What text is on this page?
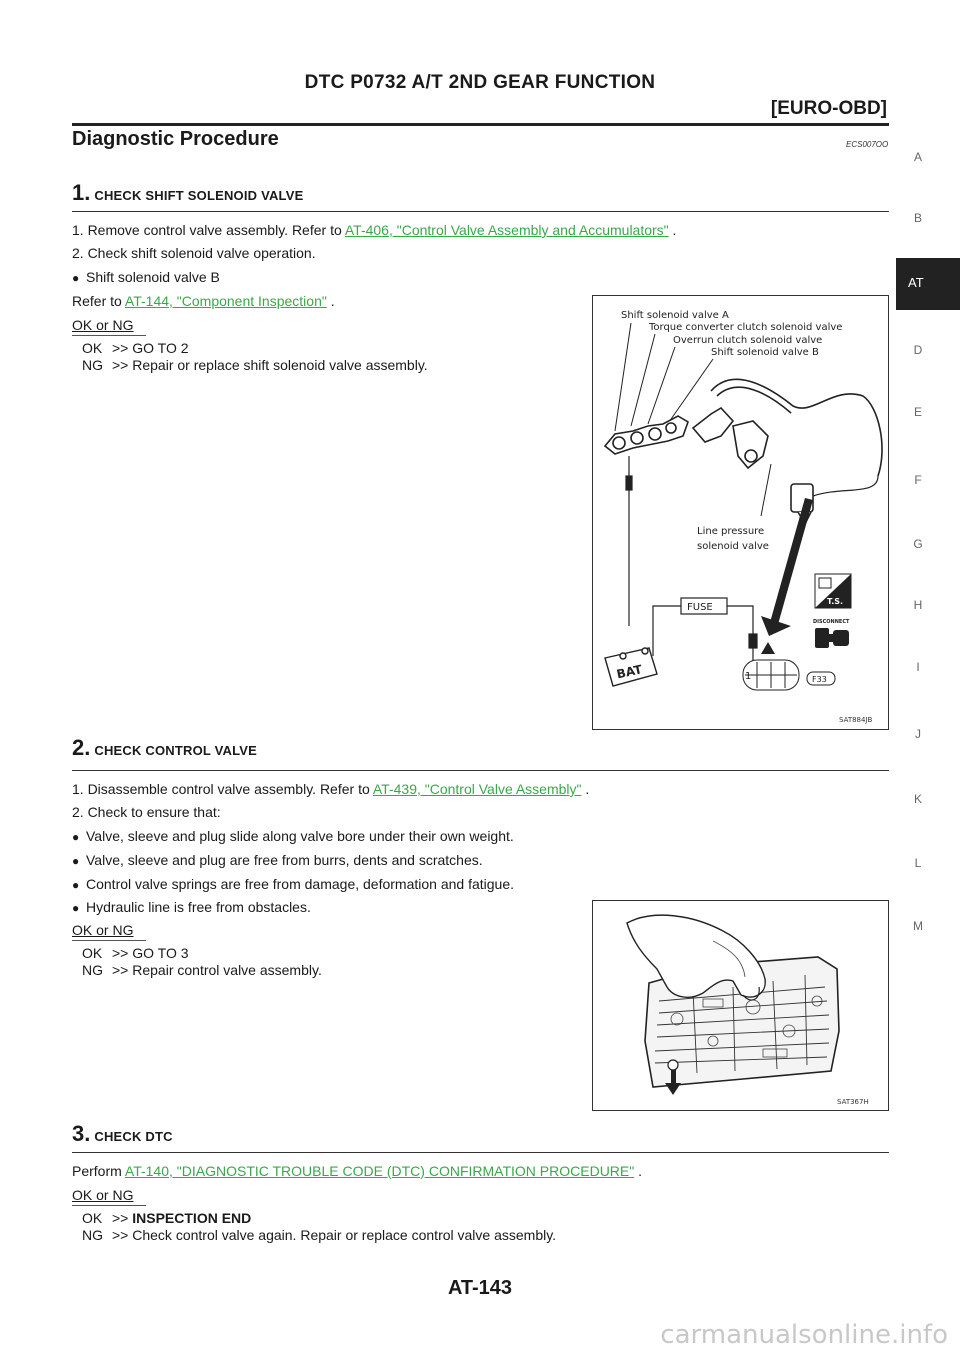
DTC P0732 A/T 2ND GEAR FUNCTION
[EURO-OBD]
Diagnostic Procedure	ECS007OO
A
B
AT
D
E
F
G
H
I
J
K
L
M
1. CHECK SHIFT SOLENOID VALVE
1. Remove control valve assembly. Refer to AT-406, "Control Valve Assembly and Accumulators" .
2. Check shift solenoid valve operation.
● Shift solenoid valve B
Refer to AT-144, "Component Inspection" .
OK or NG
OK >> GO TO 2
NG >> Repair or replace shift solenoid valve assembly.
Shift solenoid valve A
Torque converter clutch solenoid valve
Overrun clutch solenoid valve
Shift solenoid valve B
FUSE
Line pressure
solenoid valve
BAT	1	F33
T.S.
DISCONNECT
SAT884JB
2. CHECK CONTROL VALVE
1. Disassemble control valve assembly. Refer to AT-439, "Control Valve Assembly" .
2. Check to ensure that:
● Valve, sleeve and plug slide along valve bore under their own weight.
● Valve, sleeve and plug are free from burrs, dents and scratches.
● Control valve springs are free from damage, deformation and fatigue.
● Hydraulic line is free from obstacles.
OK or NG
OK >> GO TO 3
NG >> Repair control valve assembly.
SAT367H
3. CHECK DTC
Perform AT-140, "DIAGNOSTIC TROUBLE CODE (DTC) CONFIRMATION PROCEDURE" .
OK or NG
OK >> INSPECTION END
NG >> Check control valve again. Repair or replace control valve assembly.
AT-143
carmanualsonline.info
